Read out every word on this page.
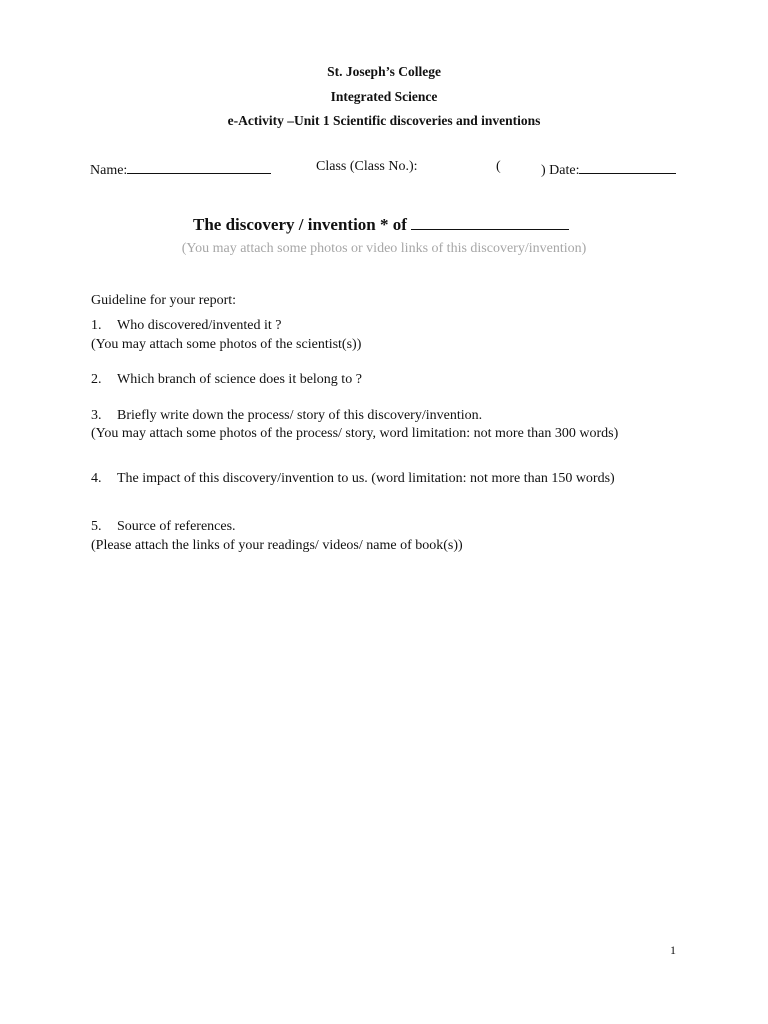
St. Joseph’s College
Integrated Science
e-Activity –Unit 1 Scientific discoveries and inventions
Name:	Class (Class No.):	(	) Date:
The discovery / invention * of
(You may attach some photos or video links of this discovery/invention)
Guideline for your report:
1. Who discovered/invented it ?
(You may attach some photos of the scientist(s))
2. Which branch of science does it belong to ?
3. Briefly write down the process/ story of this discovery/invention.
(You may attach some photos of the process/ story, word limitation: not more than 300 words)
4. The impact of this discovery/invention to us. (word limitation: not more than 150 words)
5. Source of references.
(Please attach the links of your readings/ videos/ name of book(s))
1
